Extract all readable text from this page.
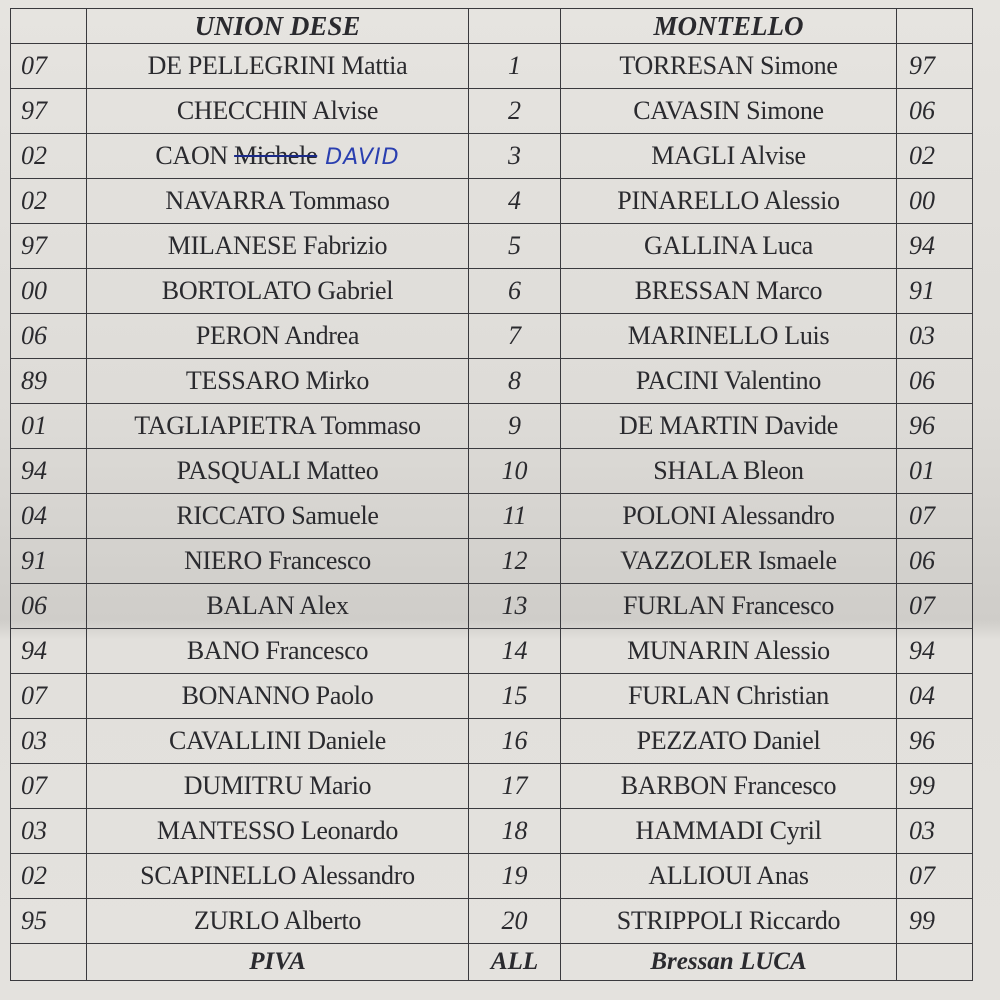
	UNION DESE		MONTELLO	
07	DE PELLEGRINI Mattia	1	TORRESAN Simone	97
97	CHECCHIN Alvise	2	CAVASIN Simone	06
02	CAON Michele DAVID	3	MAGLI Alvise	02
02	NAVARRA Tommaso	4	PINARELLO Alessio	00
97	MILANESE Fabrizio	5	GALLINA Luca	94
00	BORTOLATO Gabriel	6	BRESSAN Marco	91
06	PERON Andrea	7	MARINELLO Luis	03
89	TESSARO Mirko	8	PACINI Valentino	06
01	TAGLIAPIETRA Tommaso	9	DE MARTIN Davide	96
94	PASQUALI Matteo	10	SHALA Bleon	01
04	RICCATO Samuele	11	POLONI Alessandro	07
91	NIERO Francesco	12	VAZZOLER Ismaele	06
06	BALAN Alex	13	FURLAN Francesco	07
94	BANO Francesco	14	MUNARIN Alessio	94
07	BONANNO Paolo	15	FURLAN Christian	04
03	CAVALLINI Daniele	16	PEZZATO Daniel	96
07	DUMITRU Mario	17	BARBON Francesco	99
03	MANTESSO Leonardo	18	HAMMADI Cyril	03
02	SCAPINELLO Alessandro	19	ALLIOUI Anas	07
95	ZURLO Alberto	20	STRIPPOLI Riccardo	99
	PIVA	ALL	Bressan LUCA	
